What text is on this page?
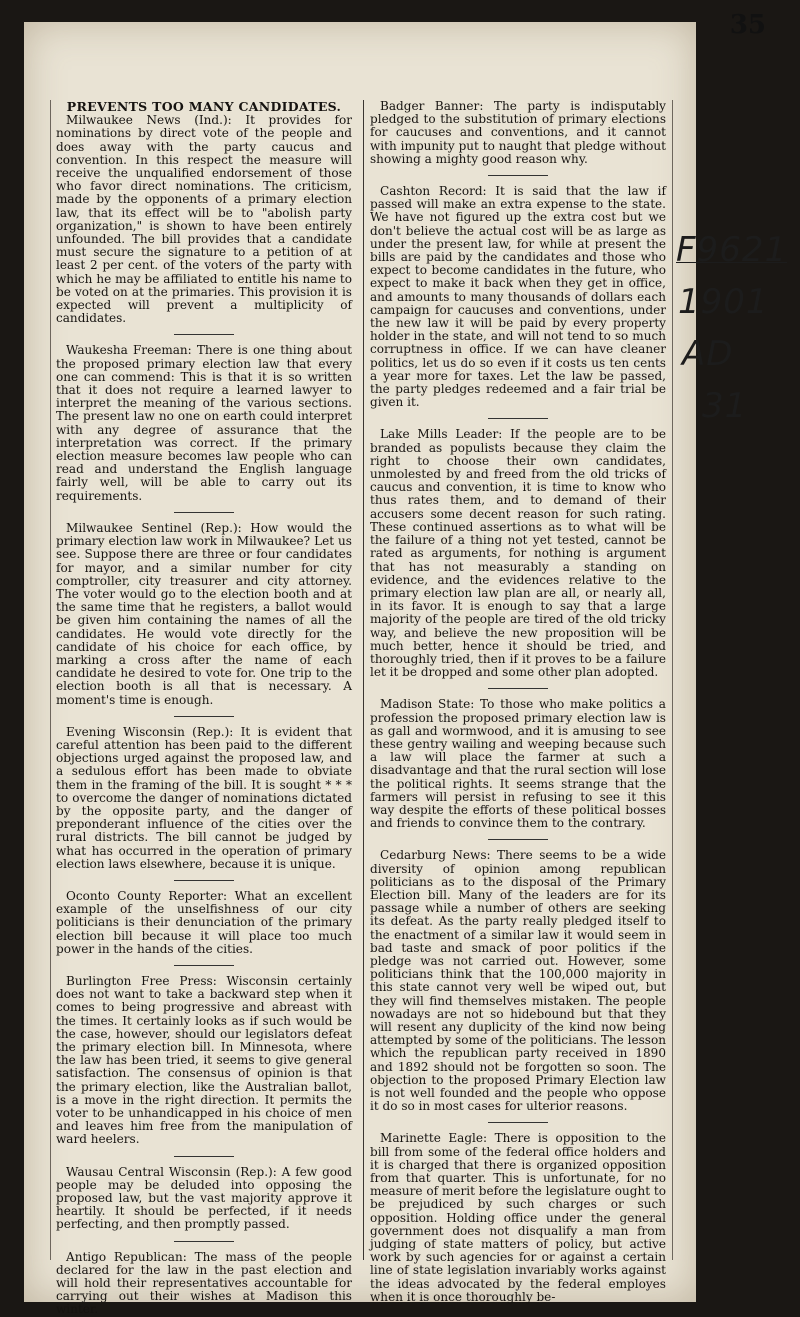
35
PREVENTS TOO MANY CANDIDATES.

Milwaukee News (Ind.): It provides for nominations by direct vote of the people and does away with the party caucus and convention. In this respect the measure will receive the unqualified endorsement of those who favor direct nominations. The criticism, made by the opponents of a primary election law, that its effect will be to "abolish party organization," is shown to have been entirely unfounded. The bill provides that a candidate must secure the signature to a petition of at least 2 per cent. of the voters of the party with which he may be affiliated to entitle his name to be voted on at the primaries. This provision it is expected will prevent a multiplicity of candidates.

Waukesha Freeman: There is one thing about the proposed primary election law that every one can commend: This is that it is so written that it does not require a learned lawyer to interpret the meaning of the various sections. The present law no one on earth could interpret with any degree of assurance that the interpretation was correct. If the primary election measure becomes law people who can read and understand the English language fairly well, will be able to carry out its requirements.

Milwaukee Sentinel (Rep.): How would the primary election law work in Milwaukee? Let us see. Suppose there are three or four candidates for mayor, and a similar number for city comptroller, city treasurer and city attorney. The voter would go to the election booth and at the same time that he registers, a ballot would be given him containing the names of all the candidates. He would vote directly for the candidate of his choice for each office, by marking a cross after the name of each candidate he desired to vote for. One trip to the election booth is all that is necessary. A moment's time is enough.

Evening Wisconsin (Rep.): It is evident that careful attention has been paid to the different objections urged against the proposed law, and a sedulous effort has been made to obviate them in the framing of the bill. It is sought * * * to overcome the danger of nominations dictated by the opposite party, and the danger of preponderant influence of the cities over the rural districts. The bill cannot be judged by what has occurred in the operation of primary election laws elsewhere, because it is unique.

Oconto County Reporter: What an excellent example of the unselfishness of our city politicians is their denunciation of the primary election bill because it will place too much power in the hands of the cities.

Burlington Free Press: Wisconsin certainly does not want to take a backward step when it comes to being progressive and abreast with the times. It certainly looks as if such would be the case, however, should our legislators defeat the primary election bill. In Minnesota, where the law has been tried, it seems to give general satisfaction. The consensus of opinion is that the primary election, like the Australian ballot, is a move in the right direction. It permits the voter to be unhandicapped in his choice of men and leaves him free from the manipulation of ward heelers.

Wausau Central Wisconsin (Rep.): A few good people may be deluded into opposing the proposed law, but the vast majority approve it heartily. It should be perfected, if it needs perfecting, and then promptly passed.

Antigo Republican: The mass of the people declared for the law in the past election and will hold their representatives accountable for carrying out their wishes at Madison this winter.

Badger Banner: The party is indisputably pledged to the substitution of primary elections for caucuses and conventions, and it cannot with impunity put to naught that pledge without showing a mighty good reason why.

Cashton Record: It is said that the law if passed will make an extra expense to the state. We have not figured up the extra cost but we don't believe the actual cost will be as large as under the present law, for while at present the bills are paid by the candidates and those who expect to become candidates in the future, who expect to make it back when they get in office, and amounts to many thousands of dollars each campaign for caucuses and conventions, under the new law it will be paid by every property holder in the state, and will not tend to so much corruptness in office. If we can have cleaner politics, let us do so even if it costs us ten cents a year more for taxes. Let the law be passed, the party pledges redeemed and a fair trial be given it.

Lake Mills Leader: If the people are to be branded as populists because they claim the right to choose their own candidates, unmolested by and freed from the old tricks of caucus and convention, it is time to know who thus rates them, and to demand of their accusers some decent reason for such rating. These continued assertions as to what will be the failure of a thing not yet tested, cannot be rated as arguments, for nothing is argument that has not measurably a standing on evidence, and the evidences relative to the primary election law plan are all, or nearly all, in its favor. It is enough to say that a large majority of the people are tired of the old tricky way, and believe the new proposition will be much better, hence it should be tried, and thoroughly tried, then if it proves to be a failure let it be dropped and some other plan adopted.

Madison State: To those who make politics a profession the proposed primary election law is as gall and wormwood, and it is amusing to see these gentry wailing and weeping because such a law will place the farmer at such a disadvantage and that the rural section will lose the political rights. It seems strange that the farmers will persist in refusing to see it this way despite the efforts of these political bosses and friends to convince them to the contrary.

Cedarburg News: There seems to be a wide diversity of opinion among republican politicians as to the disposal of the Primary Election bill. Many of the leaders are for its passage while a number of others are seeking its defeat. As the party really pledged itself to the enactment of a similar law it would seem in bad taste and smack of poor politics if the pledge was not carried out. However, some politicians think that the 100,000 majority in this state cannot very well be wiped out, but they will find themselves mistaken. The people nowadays are not so hidebound but that they will resent any duplicity of the kind now being attempted by some of the politicians. The lesson which the republican party received in 1890 and 1892 should not be forgotten so soon. The objection to the proposed Primary Election law is not well founded and the people who oppose it do so in most cases for ulterior reasons.

Marinette Eagle: There is opposition to the bill from some of the federal office holders and it is charged that there is organized opposition from that quarter. This is unfortunate, for no measure of merit before the legislature ought to be prejudiced by such charges or such opposition. Holding office under the general government does not disqualify a man from judging of state matters of policy, but active work by such agencies for or against a certain line of state legislation invariably works against the ideas advocated by the federal employes when it is once thoroughly be-

F9621
1901
AD
31
